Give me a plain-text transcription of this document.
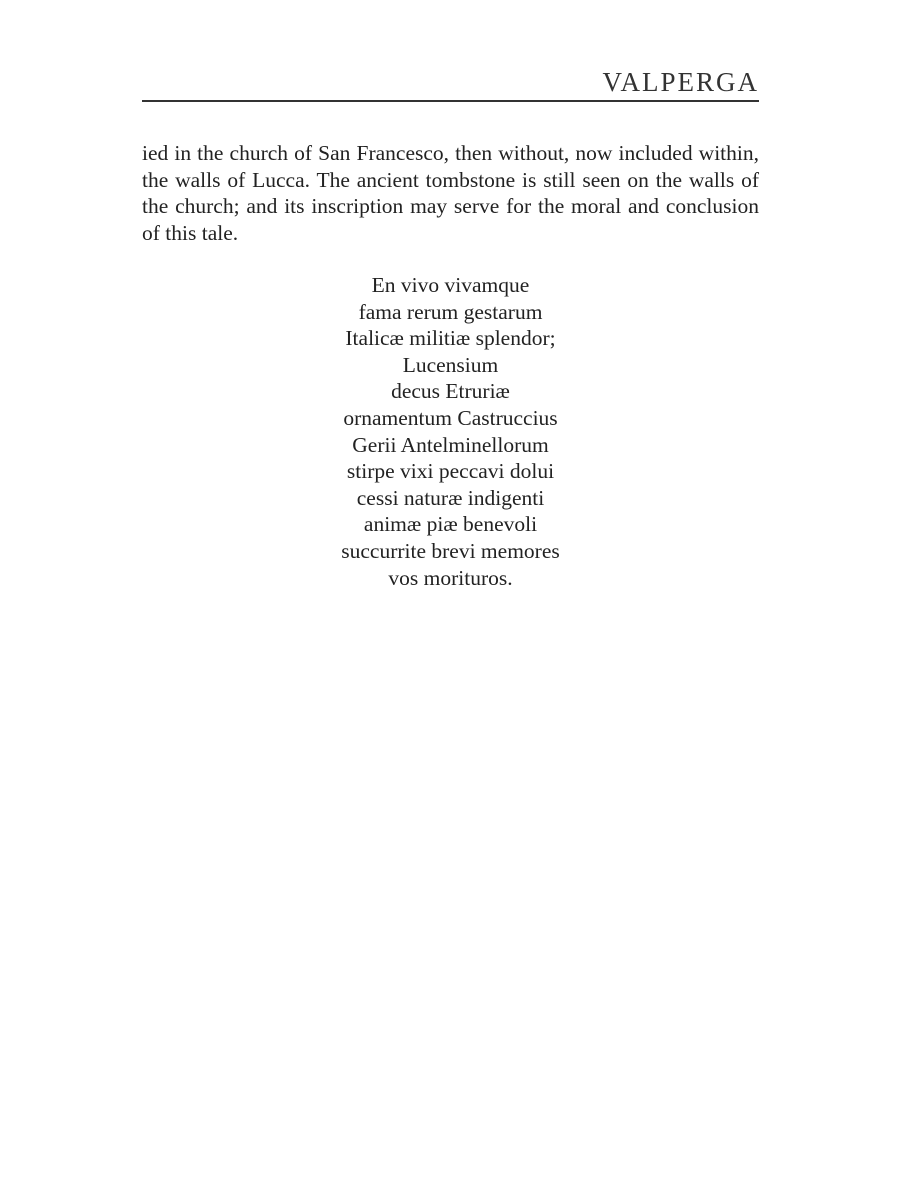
VALPERGA

ied in the church of San Francesco, then without, now included within, the walls of Lucca. The ancient tombstone is still seen on the walls of the church; and its inscription may serve for the moral and conclusion of this tale.

En vivo vivamque
fama rerum gestarum
Italicæ militiæ splendor;
Lucensium
decus Etruriæ
ornamentum Castruccius
Gerii Antelminellorum
stirpe vixi peccavi dolui
cessi naturæ indigenti
animæ piæ benevoli
succurrite brevi memores
vos morituros.
